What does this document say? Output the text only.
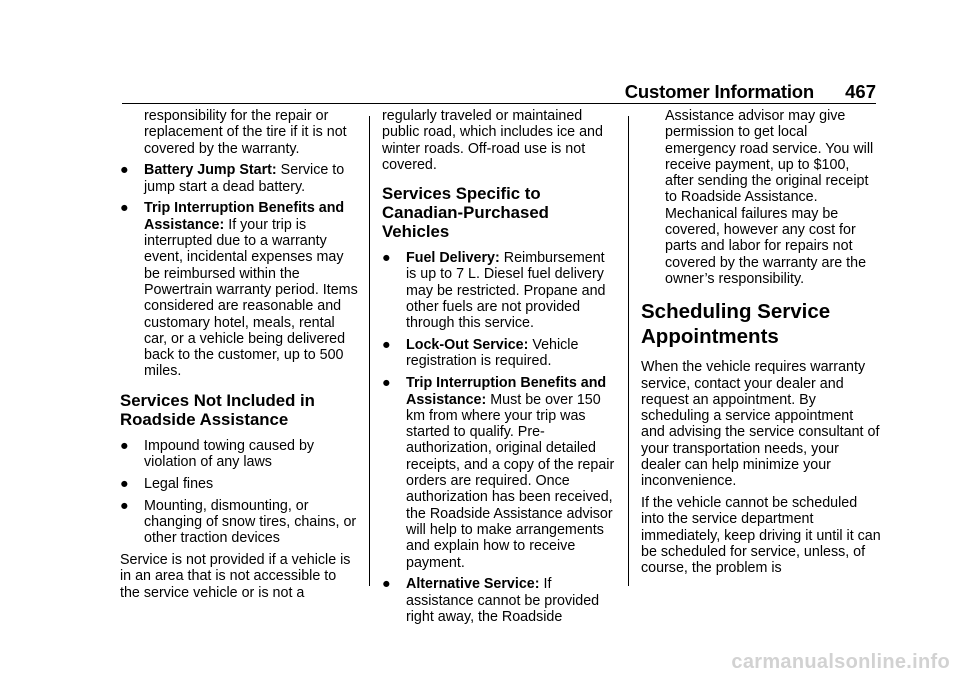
Customer Information 467

responsibility for the repair or replacement of the tire if it is not covered by the warranty.

●	Battery Jump Start: Service to jump start a dead battery.
●	Trip Interruption Benefits and Assistance: If your trip is interrupted due to a warranty event, incidental expenses may be reimbursed within the Powertrain warranty period. Items considered are reasonable and customary hotel, meals, rental car, or a vehicle being delivered back to the customer, up to 500 miles.
Services Not Included in Roadside Assistance
●	Impound towing caused by violation of any laws
●	Legal fines
●	Mounting, dismounting, or changing of snow tires, chains, or other traction devices

Service is not provided if a vehicle is in an area that is not accessible to the service vehicle or is not a

regularly traveled or maintained public road, which includes ice and winter roads. Off-road use is not covered.

Services Specific to Canadian-Purchased Vehicles
●	Fuel Delivery: Reimbursement is up to 7 L. Diesel fuel delivery may be restricted. Propane and other fuels are not provided through this service.
●	Lock-Out Service: Vehicle registration is required.
●	Trip Interruption Benefits and Assistance: Must be over 150 km from where your trip was started to qualify. Pre-authorization, original detailed receipts, and a copy of the repair orders are required. Once authorization has been received, the Roadside Assistance advisor will help to make arrangements and explain how to receive payment.
●	Alternative Service: If assistance cannot be provided right away, the Roadside

Assistance advisor may give permission to get local emergency road service. You will receive payment, up to $100, after sending the original receipt to Roadside Assistance. Mechanical failures may be covered, however any cost for parts and labor for repairs not covered by the warranty are the owner’s responsibility.

Scheduling Service Appointments

When the vehicle requires warranty service, contact your dealer and request an appointment. By scheduling a service appointment and advising the service consultant of your transportation needs, your dealer can help minimize your inconvenience.

If the vehicle cannot be scheduled into the service department immediately, keep driving it until it can be scheduled for service, unless, of course, the problem is

carmanualsonline.info
